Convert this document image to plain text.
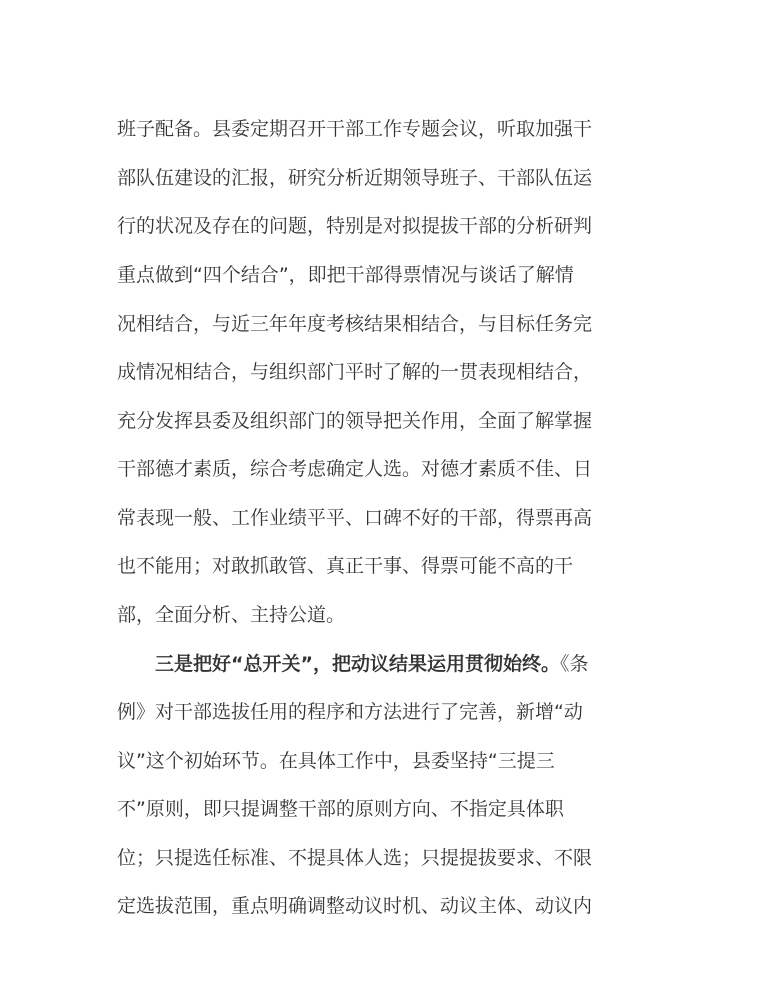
班子配备。县委定期召开干部工作专题会议，听取加强干
部队伍建设的汇报，研究分析近期领导班子、干部队伍运
行的状况及存在的问题，特别是对拟提拔干部的分析研判
重点做到“四个结合”，即把干部得票情况与谈话了解情
况相结合，与近三年年度考核结果相结合，与目标任务完
成情况相结合，与组织部门平时了解的一贯表现相结合，
充分发挥县委及组织部门的领导把关作用，全面了解掌握
干部德才素质，综合考虑确定人选。对德才素质不佳、日
常表现一般、工作业绩平平、口碑不好的干部，得票再高
也不能用；对敢抓敢管、真正干事、得票可能不高的干
部，全面分析、主持公道。
三是把好“总开关”，把动议结果运用贯彻始终。《条
例》对干部选拔任用的程序和方法进行了完善，新增“动
议”这个初始环节。在具体工作中，县委坚持“三提三
不”原则，即只提调整干部的原则方向、不指定具体职
位；只提选任标准、不提具体人选；只提提拔要求、不限
定选拔范围，重点明确调整动议时机、动议主体、动议内
